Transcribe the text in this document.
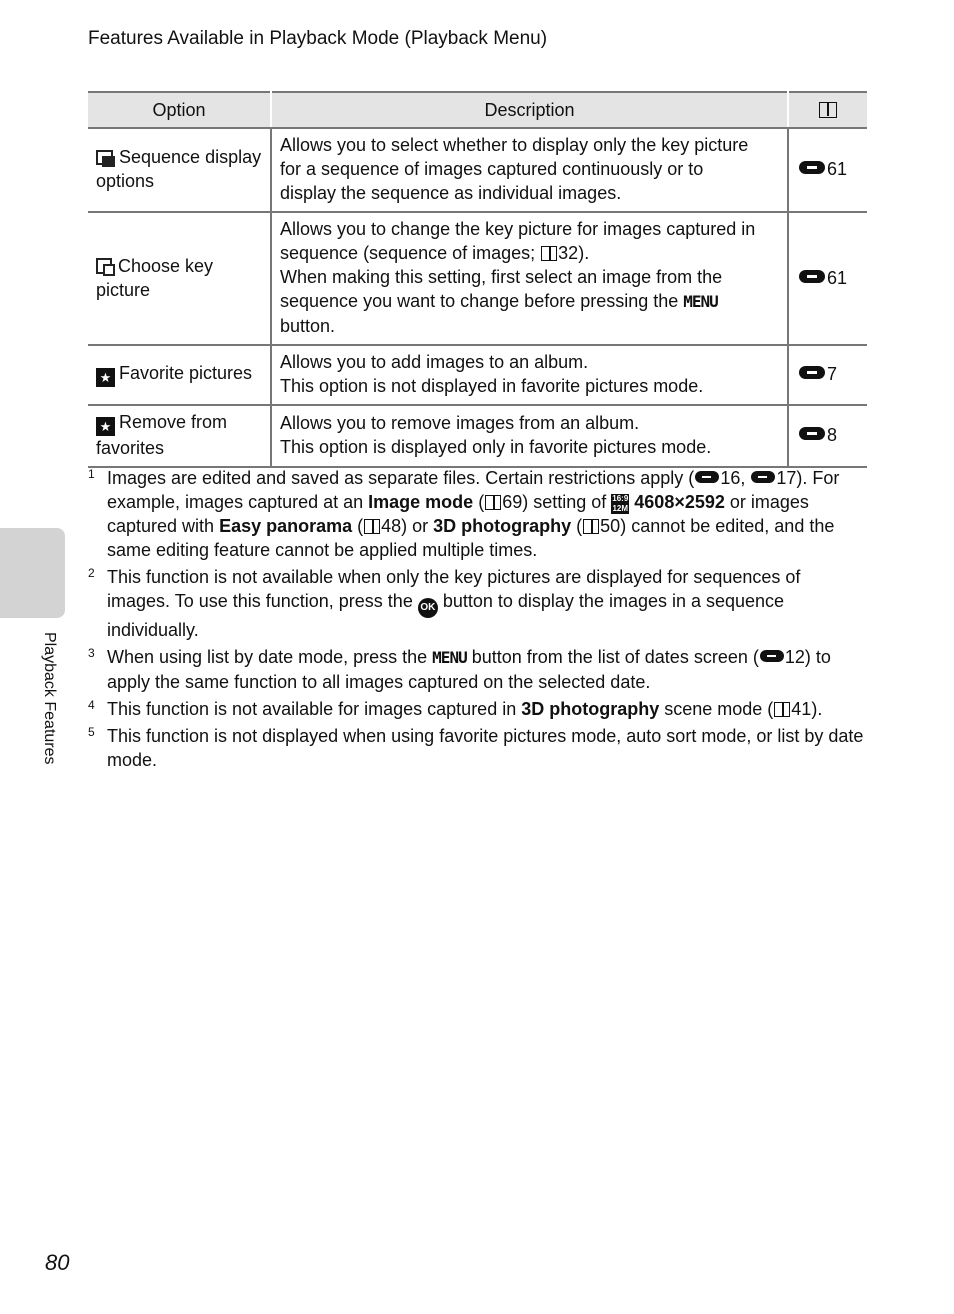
Features Available in Playback Mode (Playback Menu)
Option	Description	
Sequence display options	Allows you to select whether to display only the key picture
for a sequence of images captured continuously or to
display the sequence as individual images.	61
Choose key picture	Allows you to change the key picture for images captured in
sequence (sequence of images; 32).
When making this setting, first select an image from the
sequence you want to change before pressing the MENU
button.	61
★ Favorite pictures	Allows you to add images to an album.
This option is not displayed in favorite pictures mode.	7
★ Remove from favorites	Allows you to remove images from an album.
This option is displayed only in favorite pictures mode.	8
1 Images are edited and saved as separate files. Certain restrictions apply ( 16, 17). For example, images captured at an Image mode ( 69) setting of 16:9 12M 4608×2592 or images captured with Easy panorama ( 48) or 3D photography ( 50) cannot be edited, and the same editing feature cannot be applied multiple times.
2 This function is not available when only the key pictures are displayed for sequences of images. To use this function, press the OK button to display the images in a sequence individually.
3 When using list by date mode, press the MENU button from the list of dates screen ( 12) to apply the same function to all images captured on the selected date.
4 This function is not available for images captured in 3D photography scene mode ( 41).
5 This function is not displayed when using favorite pictures mode, auto sort mode, or list by date mode.
Playback Features
80
